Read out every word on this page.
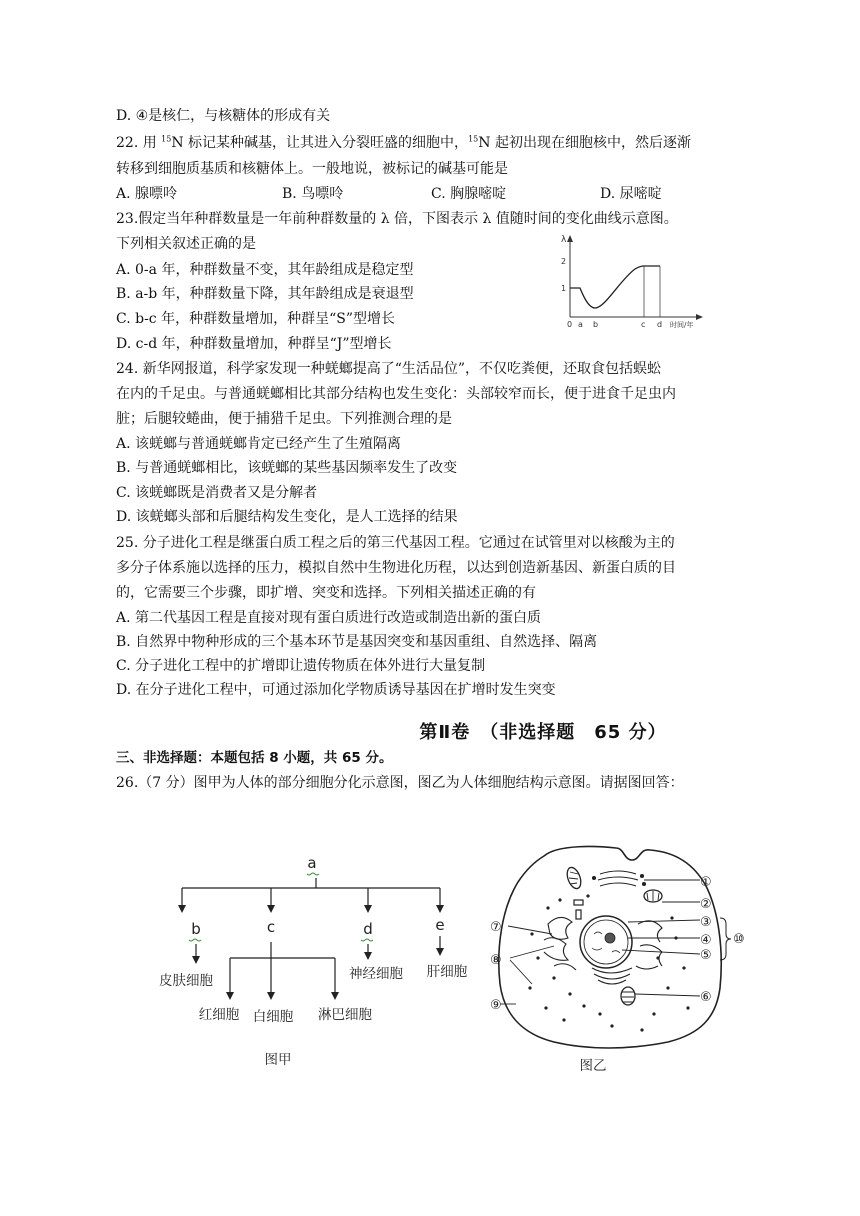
D. ④是核仁，与核糖体的形成有关
22. 用 $^{15}$N 标记某种碱基，让其进入分裂旺盛的细胞中，$^{15}$N 起初出现在细胞核中，然后逐渐
转移到细胞质基质和核糖体上。一般地说，被标记的碱基可能是
A. 腺嘌呤	B. 鸟嘌呤	C. 胸腺嘧啶	D. 尿嘧啶
23.假定当年种群数量是一年前种群数量的 λ 倍，下图表示 λ 值随时间的变化曲线示意图。
下列相关叙述正确的是
A. 0-a 年，种群数量不变，其年龄组成是稳定型
B. a-b 年，种群数量下降，其年龄组成是衰退型
C. b-c 年，种群数量增加，种群呈“S”型增长
D. c-d 年，种群数量增加，种群呈“J”型增长
λ
1
2
0 a b	c d 时间/年
24. 新华网报道，科学家发现一种蜣螂提高了“生活品位”，不仅吃粪便，还取食包括蜈蚣
在内的千足虫。与普通蜣螂相比其部分结构也发生变化：头部较窄而长，便于进食千足虫内
脏；后腿较蜷曲，便于捕猎千足虫。下列推测合理的是
A. 该蜣螂与普通蜣螂肯定已经产生了生殖隔离
B. 与普通蜣螂相比，该蜣螂的某些基因频率发生了改变
C. 该蜣螂既是消费者又是分解者
D. 该蜣螂头部和后腿结构发生变化，是人工选择的结果
25. 分子进化工程是继蛋白质工程之后的第三代基因工程。它通过在试管里对以核酸为主的
多分子体系施以选择的压力，模拟自然中生物进化历程，以达到创造新基因、新蛋白质的目
的，它需要三个步骤，即扩增、突变和选择。下列相关描述正确的有
A. 第二代基因工程是直接对现有蛋白质进行改造或制造出新的蛋白质
B. 自然界中物种形成的三个基本环节是基因突变和基因重组、自然选择、隔离
C. 分子进化工程中的扩增即让遗传物质在体外进行大量复制
D. 在分子进化工程中，可通过添加化学物质诱导基因在扩增时发生突变
第Ⅱ卷　（非选择题　65 分）
三、非选择题：本题包括 8 小题，共 65 分。
26.（7 分）图甲为人体的部分细胞分化示意图，图乙为人体细胞结构示意图。请据图回答：
a
b	c	d	e
皮肤细胞
红细胞 白细胞 淋巴细胞
神经细胞 肝细胞
图甲
①
②
③
④
⑤
⑥
⑦
⑧
⑨
⑩
图乙
